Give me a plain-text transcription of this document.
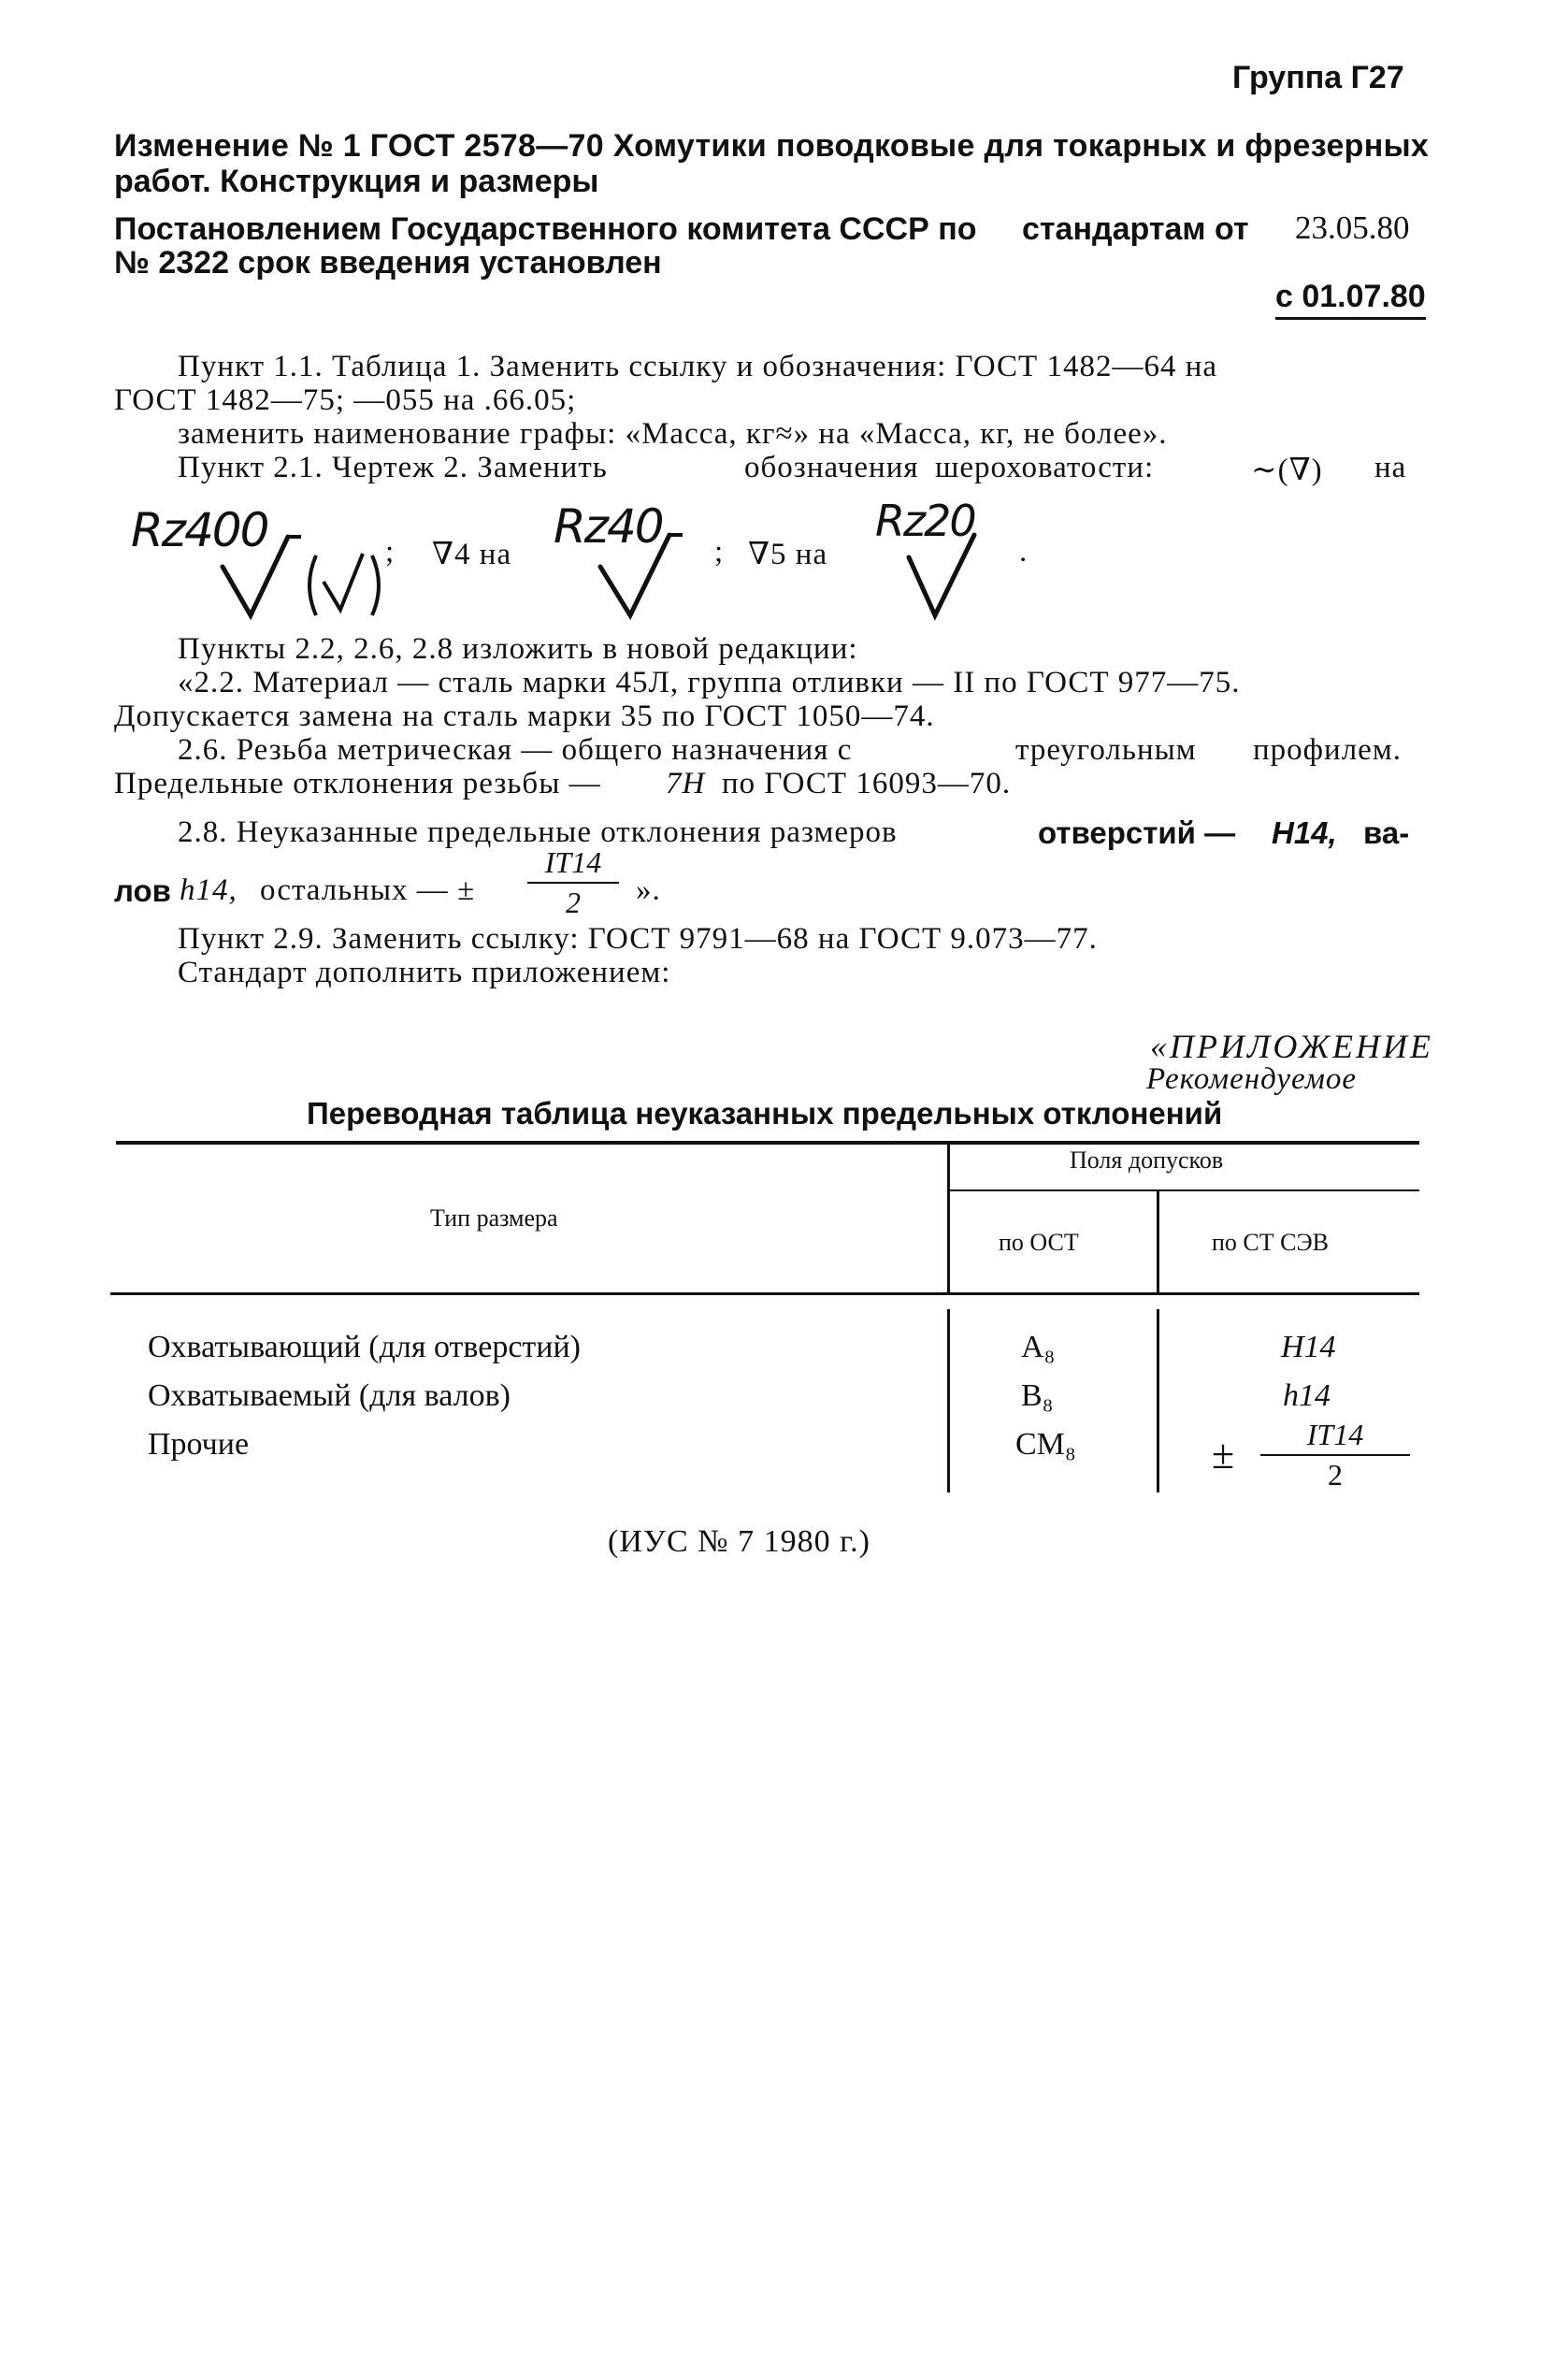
Группа Г27
Изменение № 1 ГОСТ 2578—70 Хомутики поводковые для токарных и фрезерных
работ. Конструкция и размеры
Постановлением Государственного комитета СССР по стандартам от 23.05.80
№ 2322 срок введения установлен
с 01.07.80
Пункт 1.1. Таблица 1. Заменить ссылку и обозначения: ГОСТ 1482—64 на
ГОСТ 1482—75; —055 на .66.05;
заменить наименование графы: «Масса, кг≈» на «Масса, кг, не более».
Пункт 2.1. Чертеж 2. Заменить	обозначения шероховатости:	∼(∇) на
Rz400	; ∇4 на
Rz40 ; ∇5 на
Rz20
.
Пункты 2.2, 2.6, 2.8 изложить в новой редакции:
«2.2. Материал — сталь марки 45Л, группа отливки — II по ГОСТ 977—75.
Допускается замена на сталь марки 35 по ГОСТ 1050—74.
2.6. Резьба метрическая — общего назначения с	треугольным профилем.
Предельные отклонения резьбы — 7H по ГОСТ 16093—70.
2.8. Неуказанные предельные отклонения размеров	отверстий — H14, ва-
лов h14, остальных — ±
IT14
2	».
Пункт 2.9. Заменить ссылку: ГОСТ 9791—68 на ГОСТ 9.073—77.
Стандарт дополнить приложением:
«ПРИЛОЖЕНИЕ
Рекомендуемое
Переводная таблица неуказанных предельных отклонений
Тип размера
Поля допусков
по ОСТ	по СТ СЭВ
Охватывающий (для отверстий)	A₈	H14
Охватываемый (для валов)	B₈	h14
Прочие	CM₈	±	IT14
2
(ИУС № 7 1980 г.)
